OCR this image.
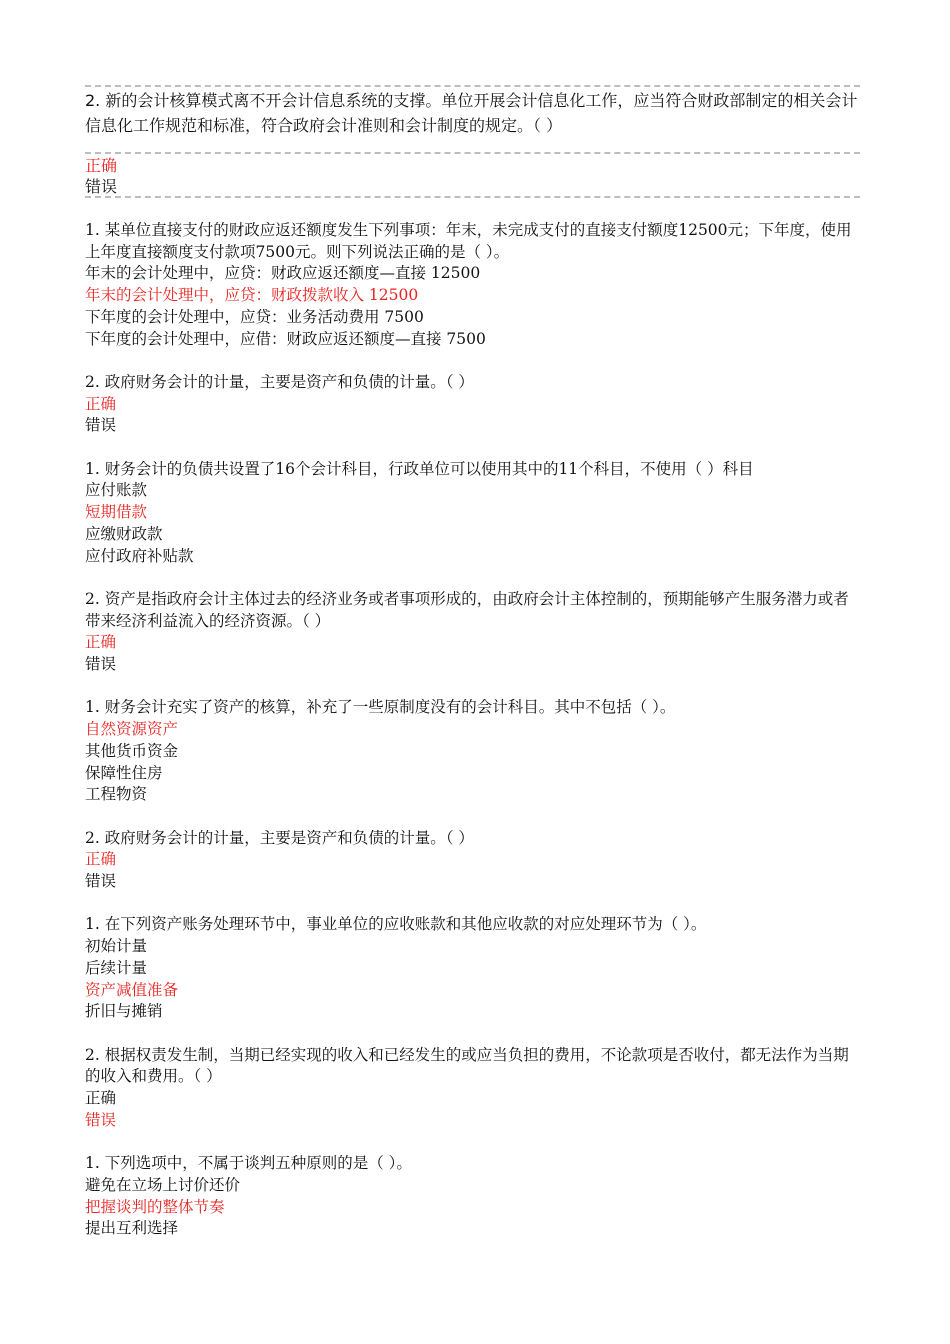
2. 新的会计核算模式离不开会计信息系统的支撑。单位开展会计信息化工作，应当符合财政部制定的相关会计信息化工作规范和标准，符合政府会计准则和会计制度的规定。（ ）
正确
错误
1. 某单位直接支付的财政应返还额度发生下列事项：年末，未完成支付的直接支付额度12500元；下年度，使用上年度直接额度支付款项7500元。则下列说法正确的是（ ）。
年末的会计处理中，应贷：财政应返还额度—直接 12500
年末的会计处理中，应贷：财政拨款收入 12500
下年度的会计处理中，应贷：业务活动费用 7500
下年度的会计处理中，应借：财政应返还额度—直接 7500
2. 政府财务会计的计量，主要是资产和负债的计量。（ ）
正确
错误
1. 财务会计的负债共设置了16个会计科目，行政单位可以使用其中的11个科目，不使用（ ）科目
应付账款
短期借款
应缴财政款
应付政府补贴款
2. 资产是指政府会计主体过去的经济业务或者事项形成的，由政府会计主体控制的，预期能够产生服务潜力或者带来经济利益流入的经济资源。（ ）
正确
错误
1. 财务会计充实了资产的核算，补充了一些原制度没有的会计科目。其中不包括（ ）。
自然资源资产
其他货币资金
保障性住房
工程物资
2. 政府财务会计的计量，主要是资产和负债的计量。（ ）
正确
错误
1. 在下列资产账务处理环节中，事业单位的应收账款和其他应收款的对应处理环节为（ ）。
初始计量
后续计量
资产减值准备
折旧与摊销
2. 根据权责发生制，当期已经实现的收入和已经发生的或应当负担的费用，不论款项是否收付，都无法作为当期的收入和费用。（ ）
正确
错误
1. 下列选项中，不属于谈判五种原则的是（ ）。
避免在立场上讨价还价
把握谈判的整体节奏
提出互利选择
